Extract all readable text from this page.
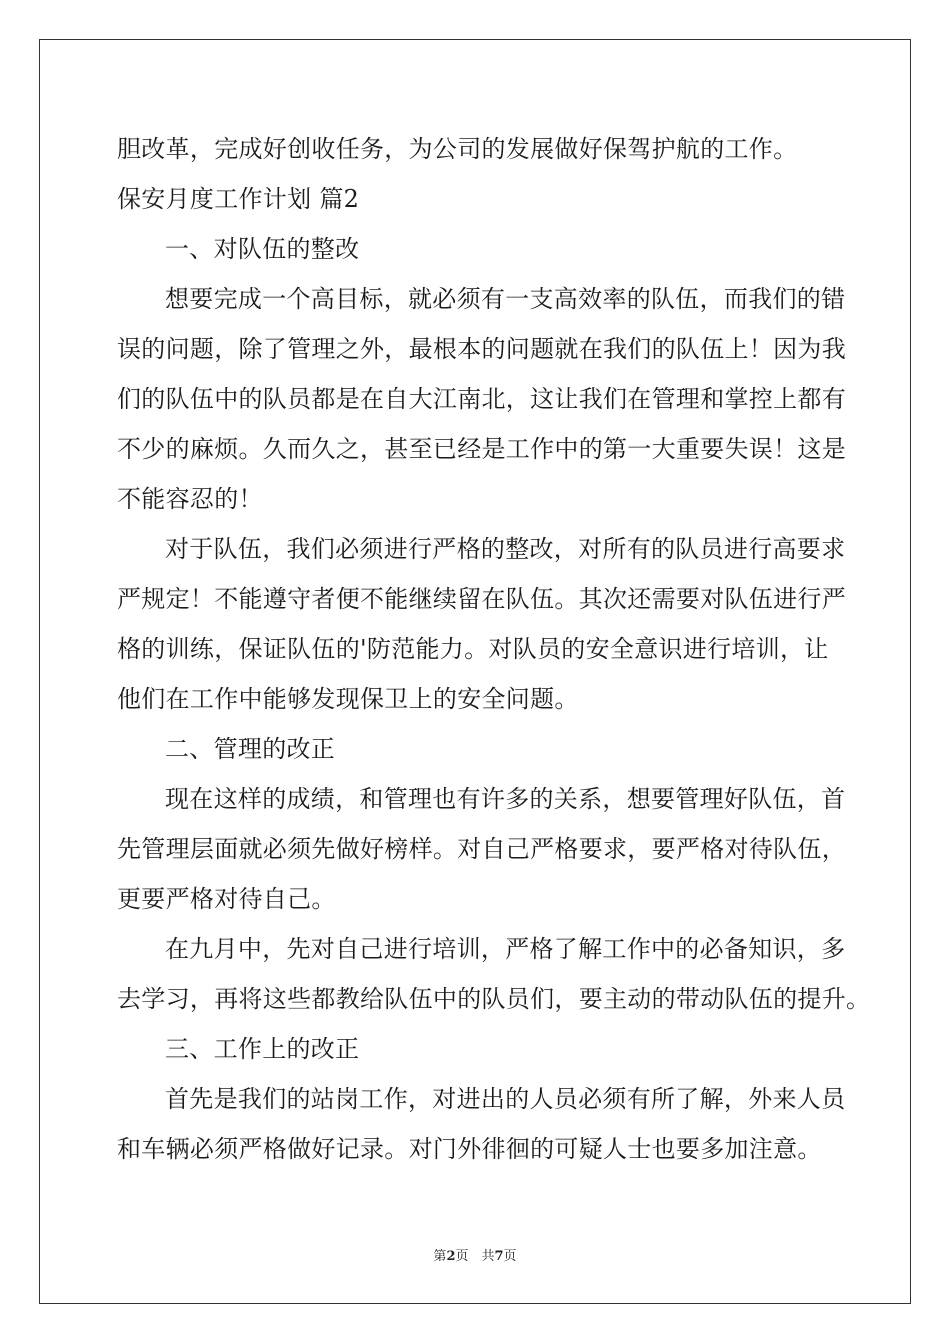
胆改革，完成好创收任务，为公司的发展做好保驾护航的工作。
保安月度工作计划 篇2
一、对队伍的整改
想要完成一个高目标，就必须有一支高效率的队伍，而我们的错
误的问题，除了管理之外，最根本的问题就在我们的队伍上！因为我
们的队伍中的队员都是在自大江南北，这让我们在管理和掌控上都有
不少的麻烦。久而久之，甚至已经是工作中的第一大重要失误！这是
不能容忍的！
对于队伍，我们必须进行严格的整改，对所有的队员进行高要求
严规定！不能遵守者便不能继续留在队伍。其次还需要对队伍进行严
格的训练，保证队伍的'防范能力。对队员的安全意识进行培训，让
他们在工作中能够发现保卫上的安全问题。
二、管理的改正
现在这样的成绩，和管理也有许多的关系，想要管理好队伍，首
先管理层面就必须先做好榜样。对自己严格要求，要严格对待队伍，
更要严格对待自己。
在九月中，先对自己进行培训，严格了解工作中的必备知识，多
去学习，再将这些都教给队伍中的队员们，要主动的带动队伍的提升。
三、工作上的改正
首先是我们的站岗工作，对进出的人员必须有所了解，外来人员
和车辆必须严格做好记录。对门外徘徊的可疑人士也要多加注意。
第2页　共7页
